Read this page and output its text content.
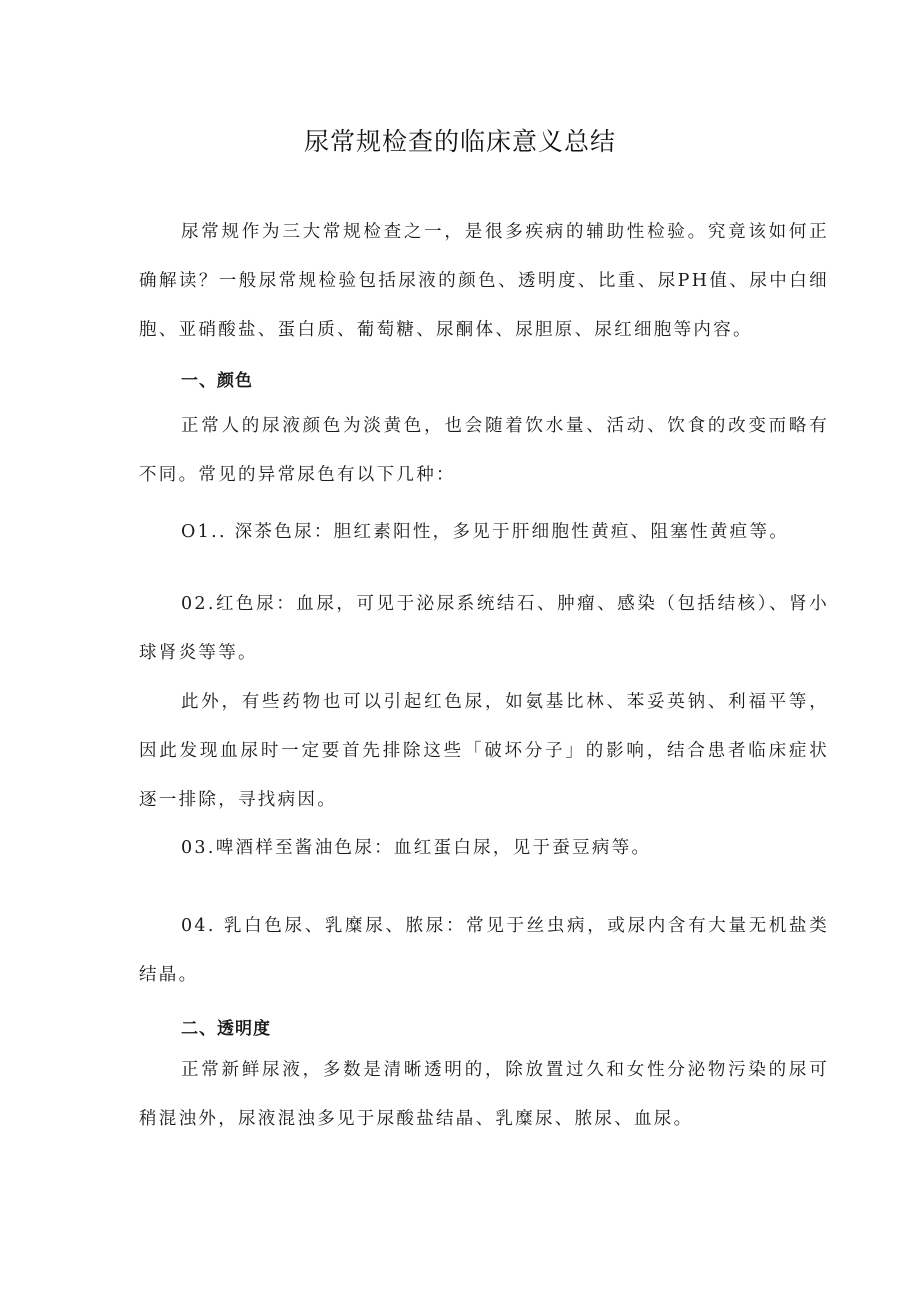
尿常规检查的临床意义总结

尿常规作为三大常规检查之一，是很多疾病的辅助性检验。究竟该如何正确解读？一般尿常规检验包括尿液的颜色、透明度、比重、尿PH值、尿中白细胞、亚硝酸盐、蛋白质、葡萄糖、尿酮体、尿胆原、尿红细胞等内容。

一、颜色

正常人的尿液颜色为淡黄色，也会随着饮水量、活动、饮食的改变而略有不同。常见的异常尿色有以下几种：

O1.. 深茶色尿：胆红素阳性，多见于肝细胞性黄疸、阻塞性黄疸等。

02.红色尿：血尿，可见于泌尿系统结石、肿瘤、感染（包括结核）、肾小球肾炎等等。

此外，有些药物也可以引起红色尿，如氨基比林、苯妥英钠、利福平等，因此发现血尿时一定要首先排除这些「破坏分子」的影响，结合患者临床症状逐一排除，寻找病因。

03.啤酒样至酱油色尿：血红蛋白尿，见于蚕豆病等。

04. 乳白色尿、乳糜尿、脓尿：常见于丝虫病，或尿内含有大量无机盐类结晶。

二、透明度

正常新鲜尿液，多数是清晰透明的，除放置过久和女性分泌物污染的尿可稍混浊外，尿液混浊多见于尿酸盐结晶、乳糜尿、脓尿、血尿。
